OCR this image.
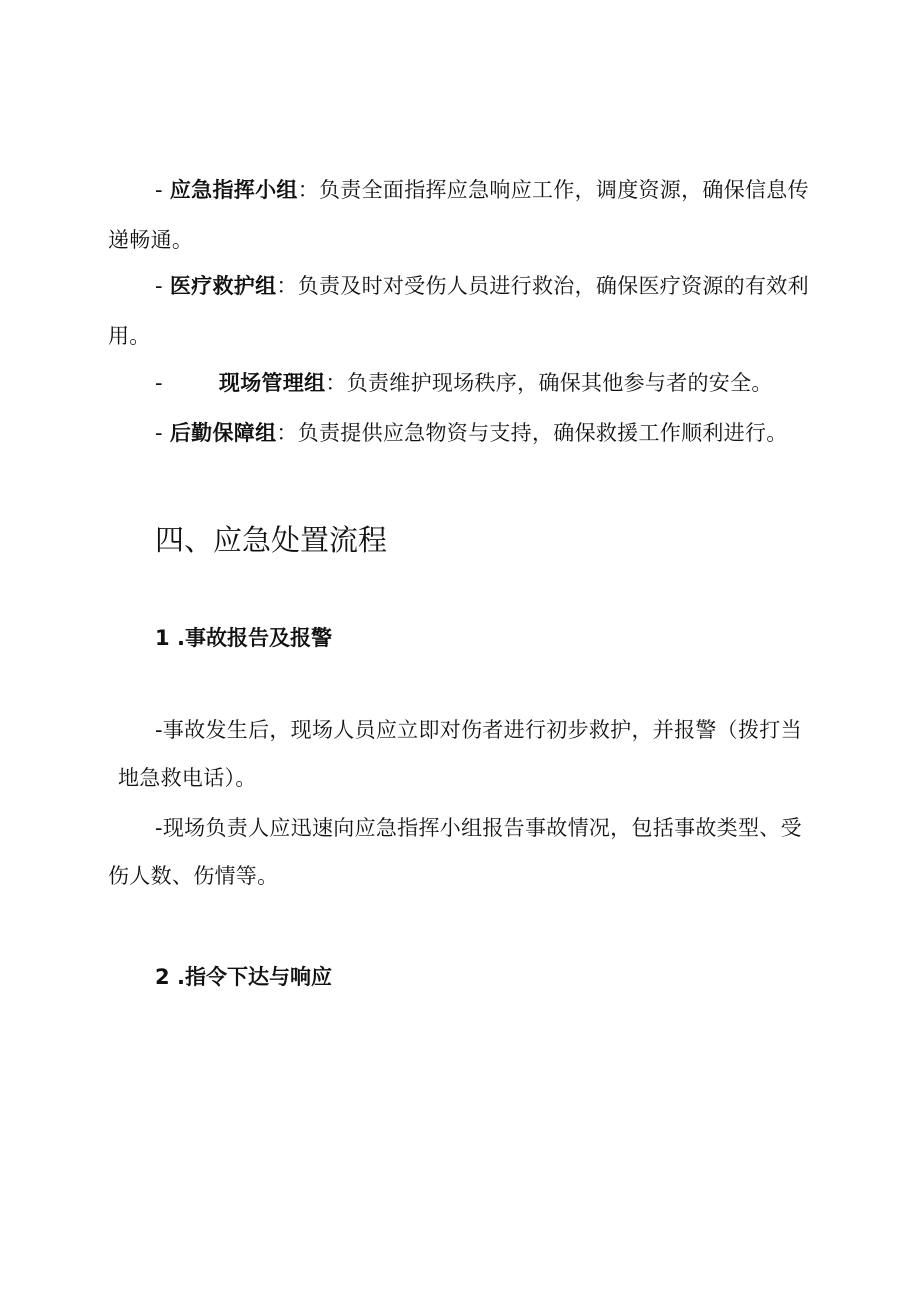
- 应急指挥小组：负责全面指挥应急响应工作，调度资源，确保信息传
递畅通。
- 医疗救护组：负责及时对受伤人员进行救治，确保医疗资源的有效利
用。
-	现场管理组：负责维护现场秩序，确保其他参与者的安全。
- 后勤保障组：负责提供应急物资与支持，确保救援工作顺利进行。
四、应急处置流程
1 .事故报告及报警
-事故发生后，现场人员应立即对伤者进行初步救护，并报警（拨打当
地急救电话）。
-现场负责人应迅速向应急指挥小组报告事故情况，包括事故类型、受
伤人数、伤情等。
2 .指令下达与响应
